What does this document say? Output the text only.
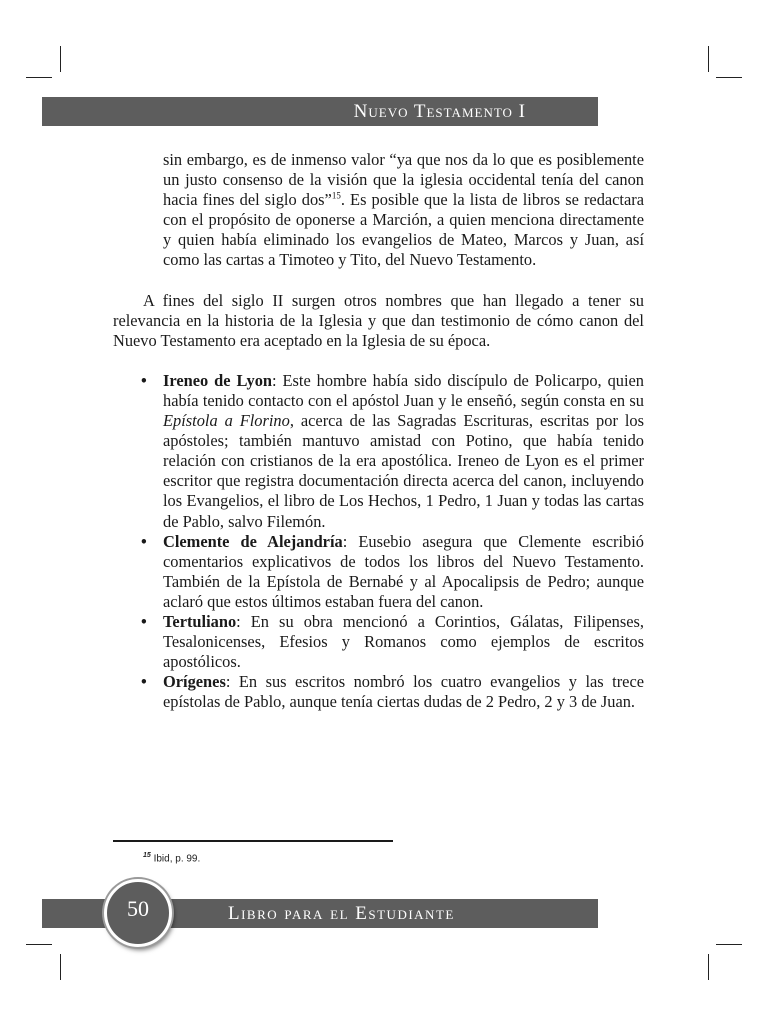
Nuevo Testamento I

sin embargo, es de inmenso valor “ya que nos da lo que es posiblemente un justo consenso de la visión que la iglesia occidental tenía del canon hacia fines del siglo dos”$^{15}$. Es posible que la lista de libros se redactara con el propósito de oponerse a Marción, a quien menciona directamente y quien había eliminado los evangelios de Mateo, Marcos y Juan, así como las cartas a Timoteo y Tito, del Nuevo Testamento.

A fines del siglo II surgen otros nombres que han llegado a tener su relevancia en la historia de la Iglesia y que dan testimonio de cómo canon del Nuevo Testamento era aceptado en la Iglesia de su época.

• Ireneo de Lyon: Este hombre había sido discípulo de Policarpo, quien había tenido contacto con el apóstol Juan y le enseñó, según consta en su Epístola a Florino, acerca de las Sagradas Escrituras, escritas por los apóstoles; también mantuvo amistad con Potino, que había tenido relación con cristianos de la era apostólica. Ireneo de Lyon es el primer escritor que registra documentación directa acerca del canon, incluyendo los Evangelios, el libro de Los Hechos, 1 Pedro, 1 Juan y todas las cartas de Pablo, salvo Filemón.
• Clemente de Alejandría: Eusebio asegura que Clemente escribió comentarios explicativos de todos los libros del Nuevo Testamento. También de la Epístola de Bernabé y al Apocalipsis de Pedro; aunque aclaró que estos últimos estaban fuera del canon.
• Tertuliano: En su obra mencionó a Corintios, Gálatas, Filipenses, Tesalonicenses, Efesios y Romanos como ejemplos de escritos apostólicos.
• Orígenes: En sus escritos nombró los cuatro evangelios y las trece epístolas de Pablo, aunque tenía ciertas dudas de 2 Pedro, 2 y 3 de Juan.
$^{15}$ Ibid, p. 99.
Libro para el Estudiante
50
